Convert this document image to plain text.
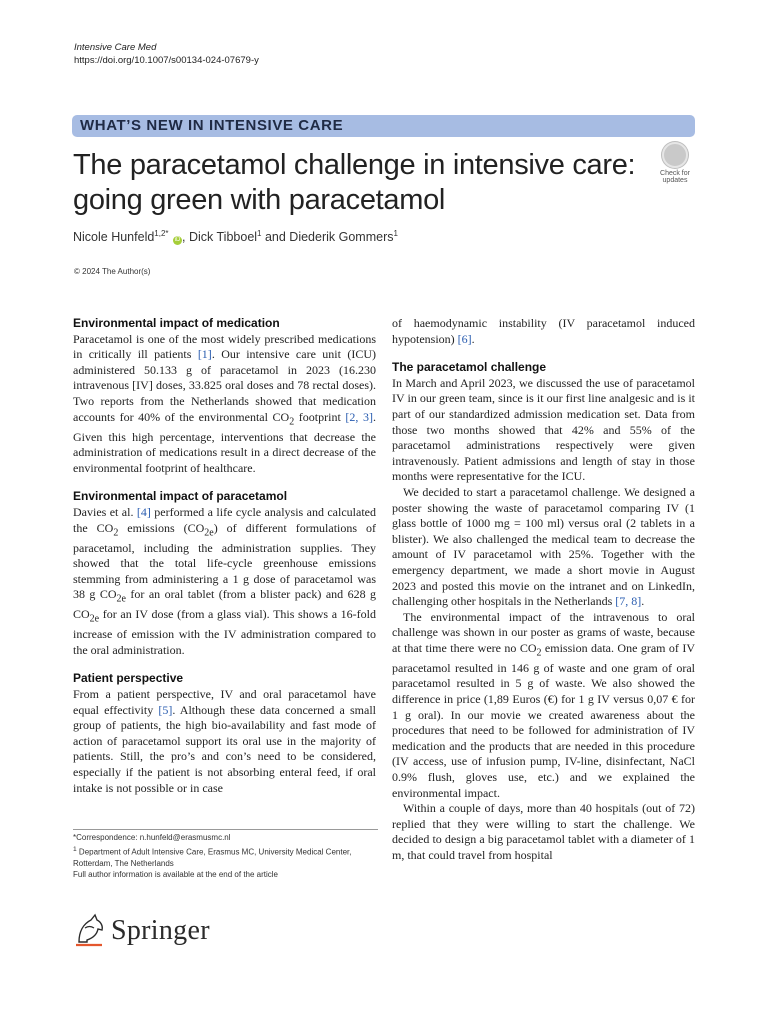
Intensive Care Med
https://doi.org/10.1007/s00134-024-07679-y
WHAT’S NEW IN INTENSIVE CARE
The paracetamol challenge in intensive care: going green with paracetamol
Check for
updates
Nicole Hunfeld$^{1,2*}$ iD , Dick Tibboel$^1$ and Diederik Gommers$^1$
© 2024 The Author(s)
Environmental impact of medication

Paracetamol is one of the most widely prescribed medications in critically ill patients [1]. Our intensive care unit (ICU) administered 50.133 g of paracetamol in 2023 (16.230 intravenous [IV] doses, 33.825 oral doses and 78 rectal doses). Two reports from the Netherlands showed that medication accounts for 40% of the environmental $CO_2$ footprint [2, 3]. Given this high percentage, interventions that decrease the administration of medications result in a direct decrease of the environmental footprint of healthcare.

Environmental impact of paracetamol

Davies et al. [4] performed a life cycle analysis and calculated the $CO_2$ emissions $(CO_{2e})$ of different formulations of paracetamol, including the administration supplies. They showed that the total life-cycle greenhouse emissions stemming from administering a 1 g dose of paracetamol was 38 g $CO_{2e}$ for an oral tablet (from a blister pack) and 628 g $CO_{2e}$ for an IV dose (from a glass vial). This shows a 16-fold increase of emission with the IV administration compared to the oral administration.

Patient perspective

From a patient perspective, IV and oral paracetamol have equal effectivity [5]. Although these data concerned a small group of patients, the high bio-availability and fast mode of action of paracetamol support its oral use in the majority of patients. Still, the pro’s and con’s need to be considered, especially if the patient is not absorbing enteral feed, if oral intake is not possible or in case

of haemodynamic instability (IV paracetamol induced hypotension) [6].

The paracetamol challenge

In March and April 2023, we discussed the use of paracetamol IV in our green team, since is it our first line analgesic and is it part of our standardized admission medication set. Data from those two months showed that 42% and 55% of the paracetamol administrations respectively were given intravenously. Patient admissions and length of stay in those months were representative for the ICU.

We decided to start a paracetamol challenge. We designed a poster showing the waste of paracetamol comparing IV (1 glass bottle of 1000 mg = 100 ml) versus oral (2 tablets in a blister). We also challenged the medical team to decrease the amount of IV paracetamol with 25%. Together with the emergency department, we made a short movie in August 2023 and posted this movie on the intranet and on LinkedIn, challenging other hospitals in the Netherlands [7, 8].

The environmental impact of the intravenous to oral challenge was shown in our poster as grams of waste, because at that time there were no $CO_2$ emission data. One gram of IV paracetamol resulted in 146 g of waste and one gram of oral paracetamol resulted in 5 g of waste. We also showed the difference in price (1,89 Euros (€) for 1 g IV versus 0,07 € for 1 g oral). In our movie we created awareness about the procedures that need to be followed for administration of IV medication and the products that are needed in this procedure (IV access, use of infusion pump, IV-line, disinfectant, NaCl 0.9% flush, gloves use, etc.) and we explained the environmental impact.

Within a couple of days, more than 40 hospitals (out of 72) replied that they were willing to start the challenge. We decided to design a big paracetamol tablet with a diameter of 1 m, that could travel from hospital

*Correspondence: n.hunfeld@erasmusmc.nl
$^1$ Department of Adult Intensive Care, Erasmus MC, University Medical Center, Rotterdam, The Netherlands
Full author information is available at the end of the article
Springer
